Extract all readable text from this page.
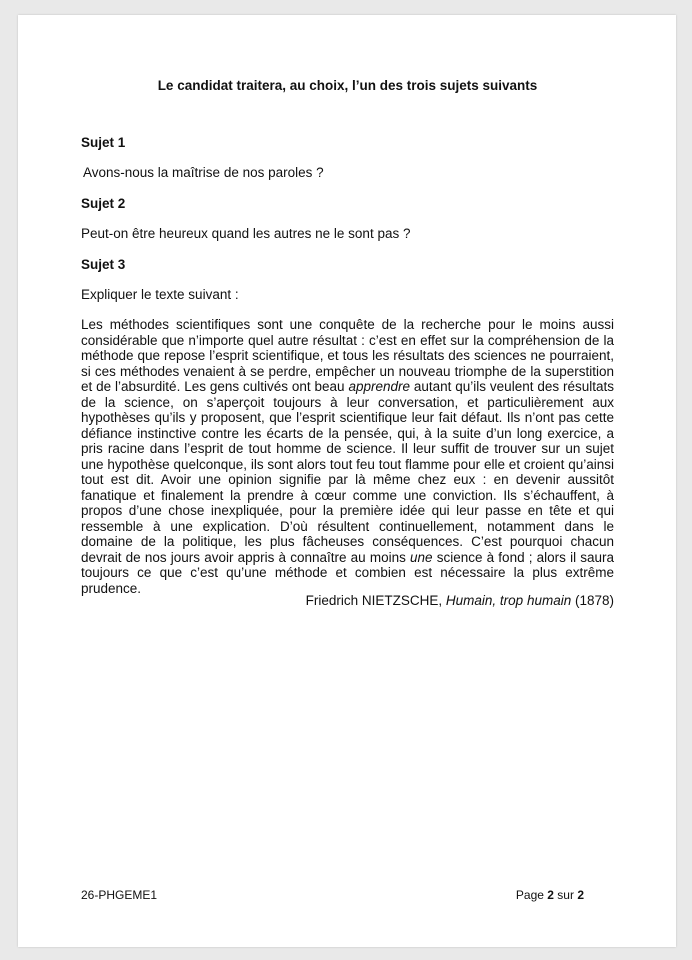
Le candidat traitera, au choix, l’un des trois sujets suivants
Sujet 1
Avons-nous la maîtrise de nos paroles ?
Sujet 2
Peut-on être heureux quand les autres ne le sont pas ?
Sujet 3
Expliquer le texte suivant :
Les méthodes scientifiques sont une conquête de la recherche pour le moins aussi considérable que n’importe quel autre résultat : c’est en effet sur la compréhension de la méthode que repose l’esprit scientifique, et tous les résultats des sciences ne pourraient, si ces méthodes venaient à se perdre, empêcher un nouveau triomphe de la superstition et de l’absurdité. Les gens cultivés ont beau apprendre autant qu’ils veulent des résultats de la science, on s’aperçoit toujours à leur conversation, et particulièrement aux hypothèses qu’ils y proposent, que l’esprit scientifique leur fait défaut. Ils n’ont pas cette défiance instinctive contre les écarts de la pensée, qui, à la suite d’un long exercice, a pris racine dans l’esprit de tout homme de science. Il leur suffit de trouver sur un sujet une hypothèse quelconque, ils sont alors tout feu tout flamme pour elle et croient qu’ainsi tout est dit. Avoir une opinion signifie par là même chez eux : en devenir aussitôt fanatique et finalement la prendre à cœur comme une conviction. Ils s’échauffent, à propos d’une chose inexpliquée, pour la première idée qui leur passe en tête et qui ressemble à une explication. D’où résultent continuellement, notamment dans le domaine de la politique, les plus fâcheuses conséquences. C’est pourquoi chacun devrait de nos jours avoir appris à connaître au moins une science à fond ; alors il saura toujours ce que c’est qu’une méthode et combien est nécessaire la plus extrême prudence.
Friedrich NIETZSCHE, Humain, trop humain (1878)
26-PHGEME1	Page 2 sur 2
